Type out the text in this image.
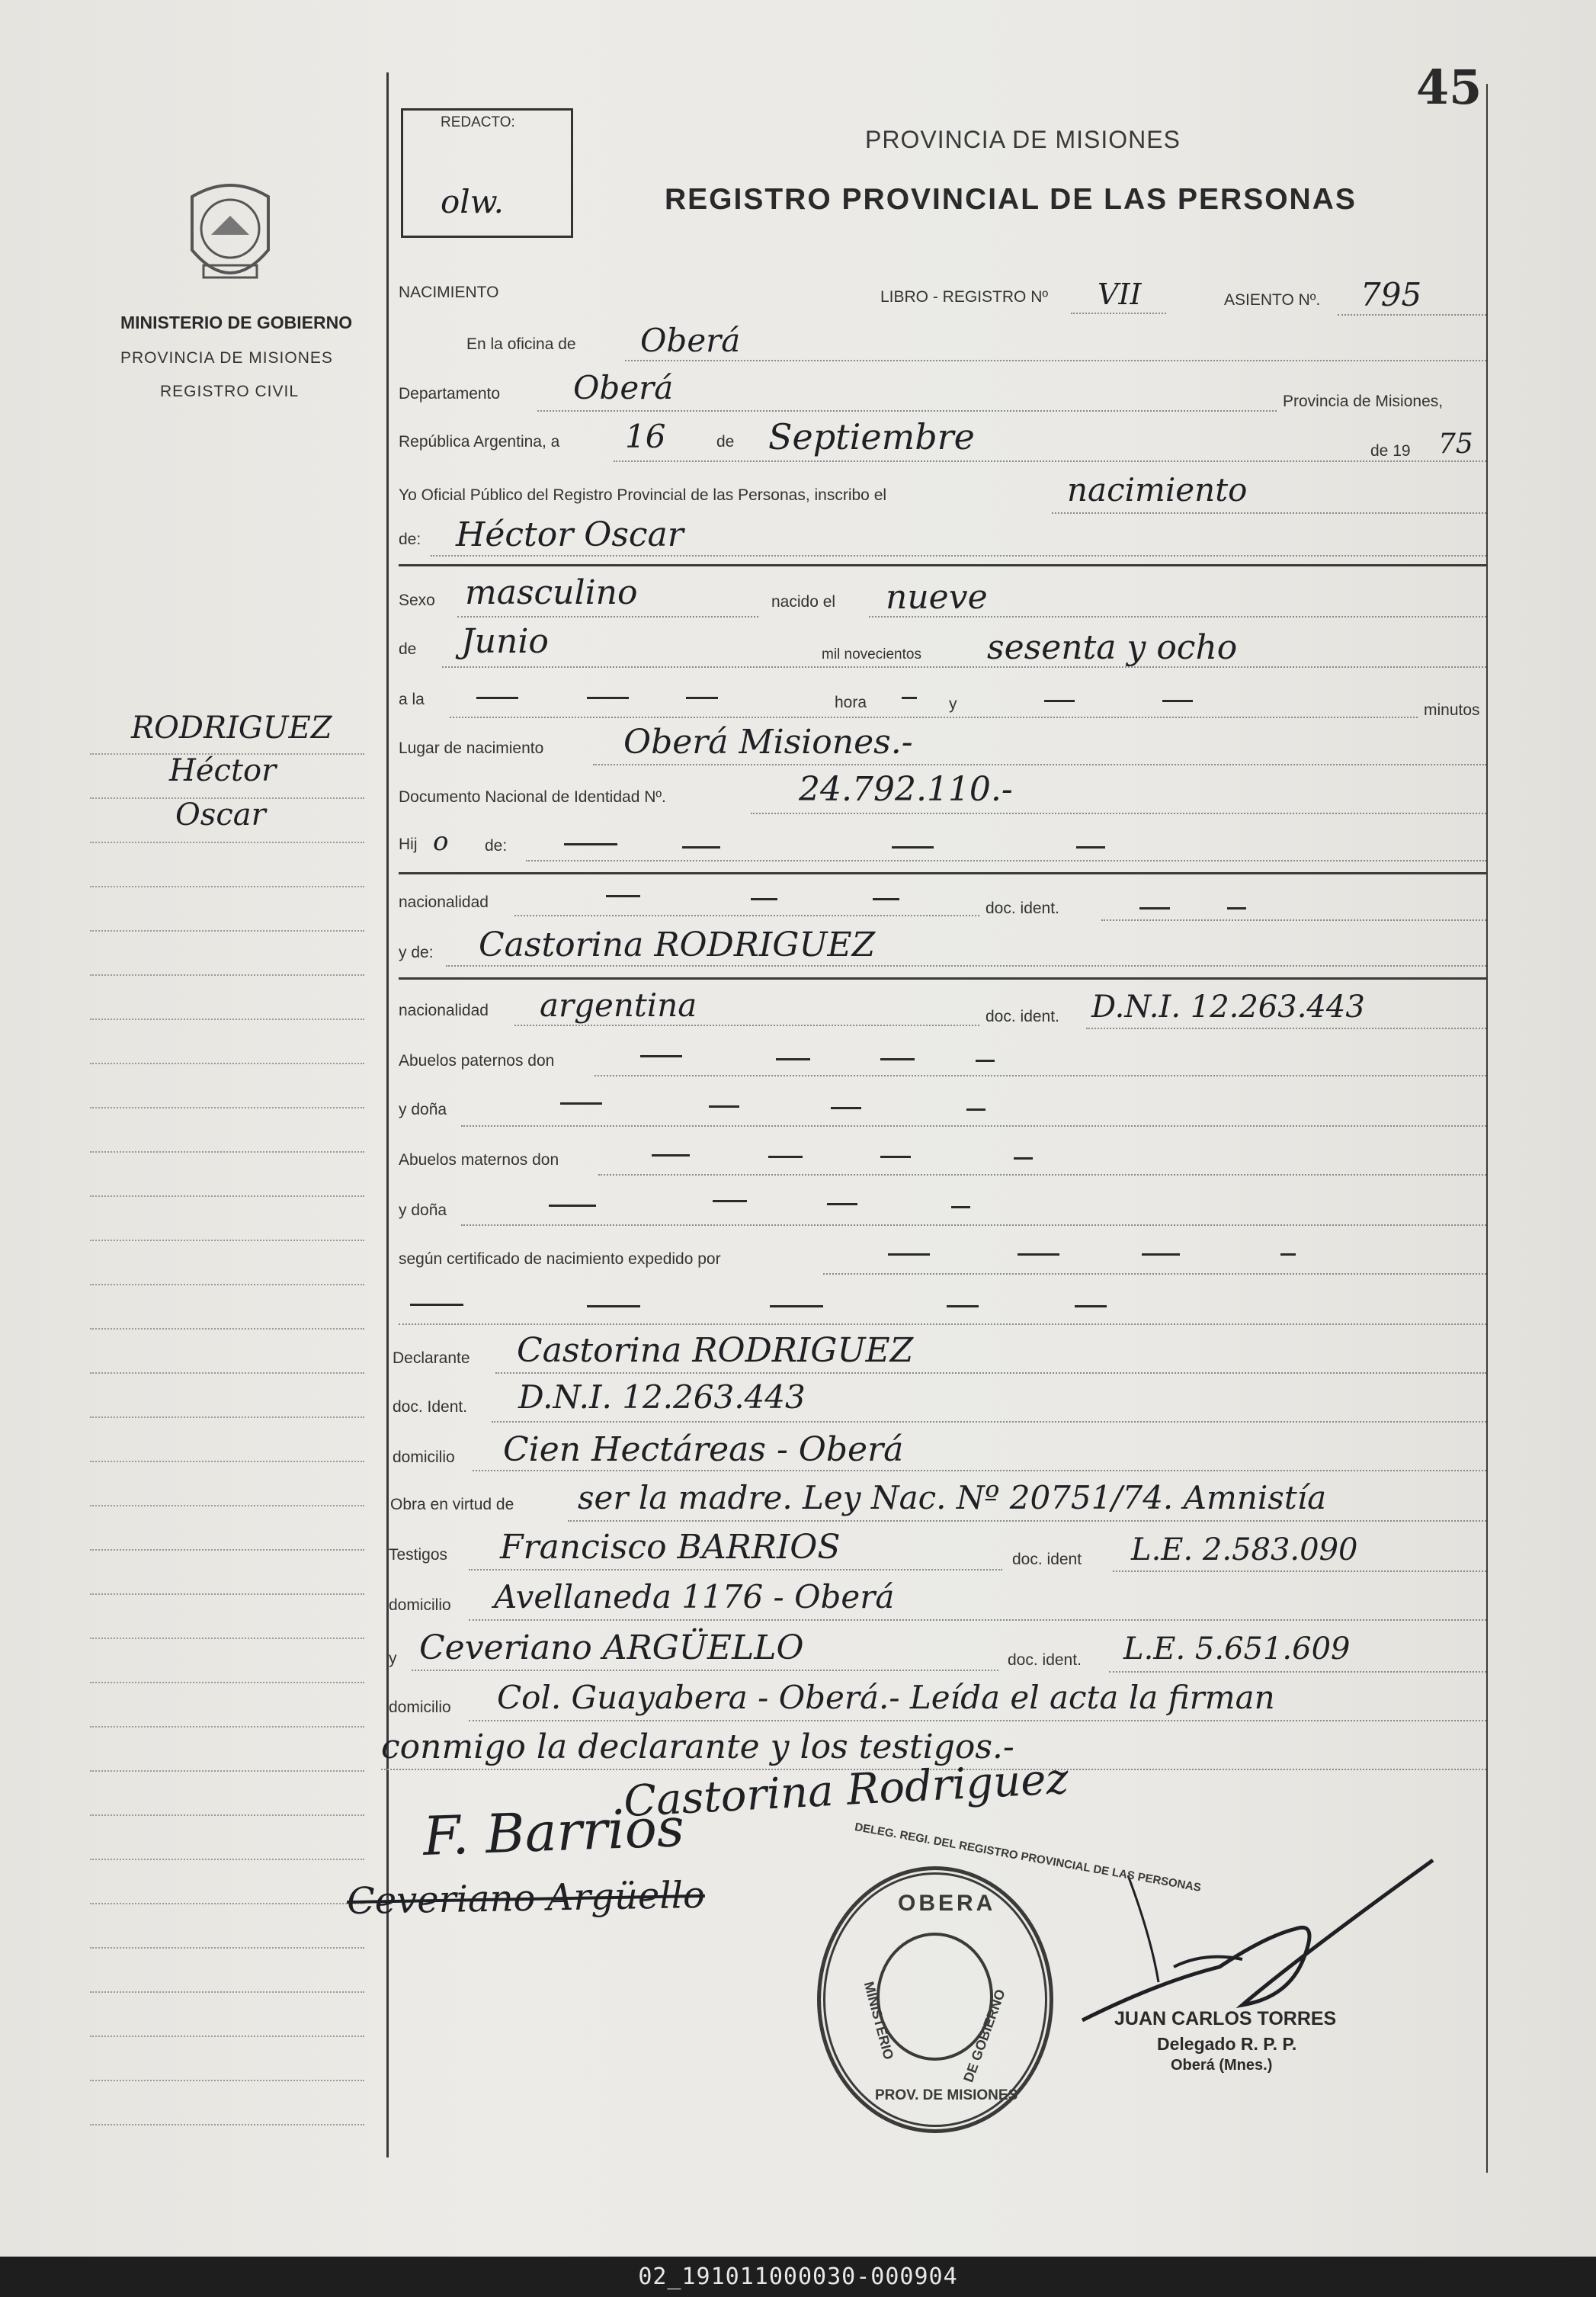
45
REDACTO:
olw.
PROVINCIA DE MISIONES
REGISTRO PROVINCIAL DE LAS PERSONAS
MINISTERIO DE GOBIERNO
PROVINCIA DE MISIONES
REGISTRO CIVIL
RODRIGUEZ
Héctor
Oscar
NACIMIENTO	LIBRO - REGISTRO Nº VII	ASIENTO Nº. 795
En la oficina de Oberá
Departamento Oberá	Provincia de Misiones,
República Argentina, a 16	de Septiembre	de 19 75
Yo Oficial Público del Registro Provincial de las Personas, inscribo el	nacimiento
de: Héctor Oscar
Sexo masculino	nacido el nueve
de Junio	mil novecientos sesenta y ocho
a la	hora	y	minutos
Lugar de nacimiento Oberá Misiones.-
Documento Nacional de Identidad Nº.	24.792.110.-
Hij o de:
nacionalidad	doc. ident.
y de: Castorina RODRIGUEZ
nacionalidad argentina	doc. ident. D.N.I. 12.263.443
Abuelos paternos don
y doña
Abuelos maternos don
y doña
según certificado de nacimiento expedido por
Declarante Castorina RODRIGUEZ
doc. Ident. D.N.I. 12.263.443
domicilio Cien Hectáreas - Oberá
Obra en virtud de ser la madre. Ley Nac. Nº 20751/74. Amnistía
Testigos Francisco BARRIOS	doc. ident L.E. 2.583.090
domicilio Avellaneda 1176 - Oberá
y Ceveriano ARGÜELLO	doc. ident. L.E. 5.651.609
domicilio Col. Guayabera - Oberá.- Leída el acta la firman
conmigo la declarante y los testigos.-
Castorina Rodriguez
F. Barrios
Ceveriano Argüello
DELEG. REGI. DEL REGISTRO PROVINCIAL DE LAS PERSONAS
OBERA
MINISTERIO	DE GOBIERNO
PROV. DE MISIONES
JUAN CARLOS TORRES
Delegado R. P. P.
Oberá (Mnes.)
02_191011000030-000904
